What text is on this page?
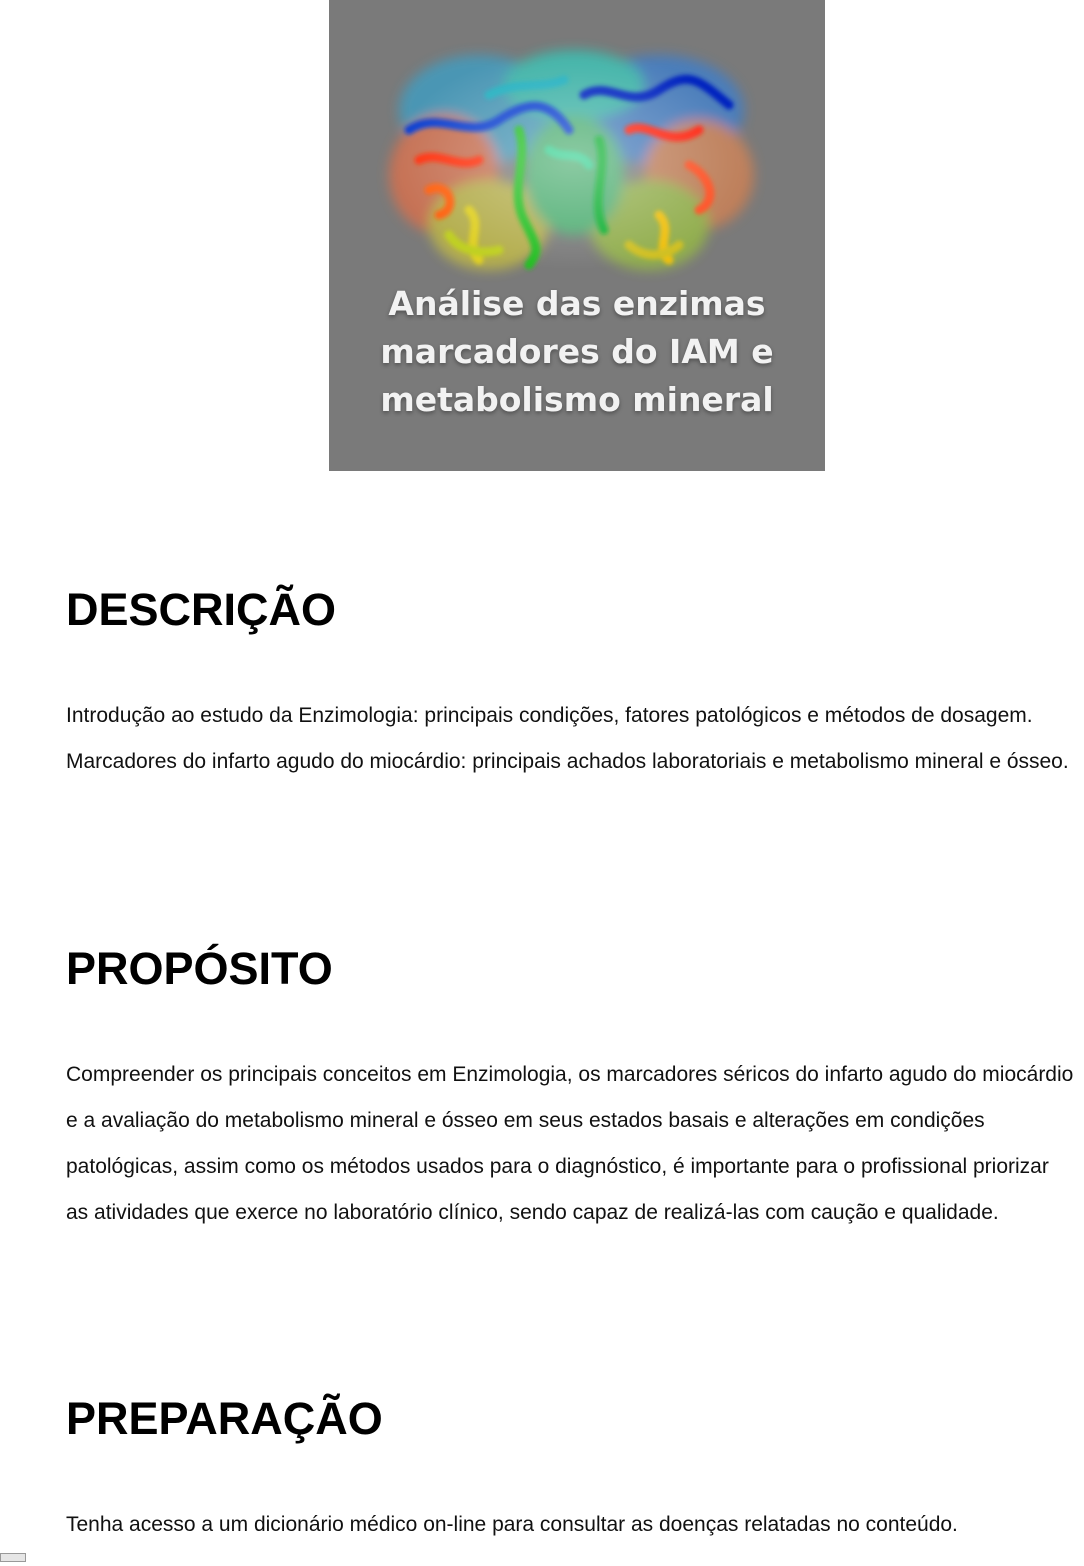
Análise das enzimas
marcadores do IAM e
metabolismo mineral
DESCRIÇÃO

Introdução ao estudo da Enzimologia: principais condições, fatores patológicos e métodos de dosagem. Marcadores do infarto agudo do miocárdio: principais achados laboratoriais e metabolismo mineral e ósseo.

PROPÓSITO

Compreender os principais conceitos em Enzimologia, os marcadores séricos do infarto agudo do miocárdio e a avaliação do metabolismo mineral e ósseo em seus estados basais e alterações em condições patológicas, assim como os métodos usados para o diagnóstico, é importante para o profissional priorizar as atividades que exerce no laboratório clínico, sendo capaz de realizá-las com caução e qualidade.

PREPARAÇÃO

Tenha acesso a um dicionário médico on-line para consultar as doenças relatadas no conteúdo.
